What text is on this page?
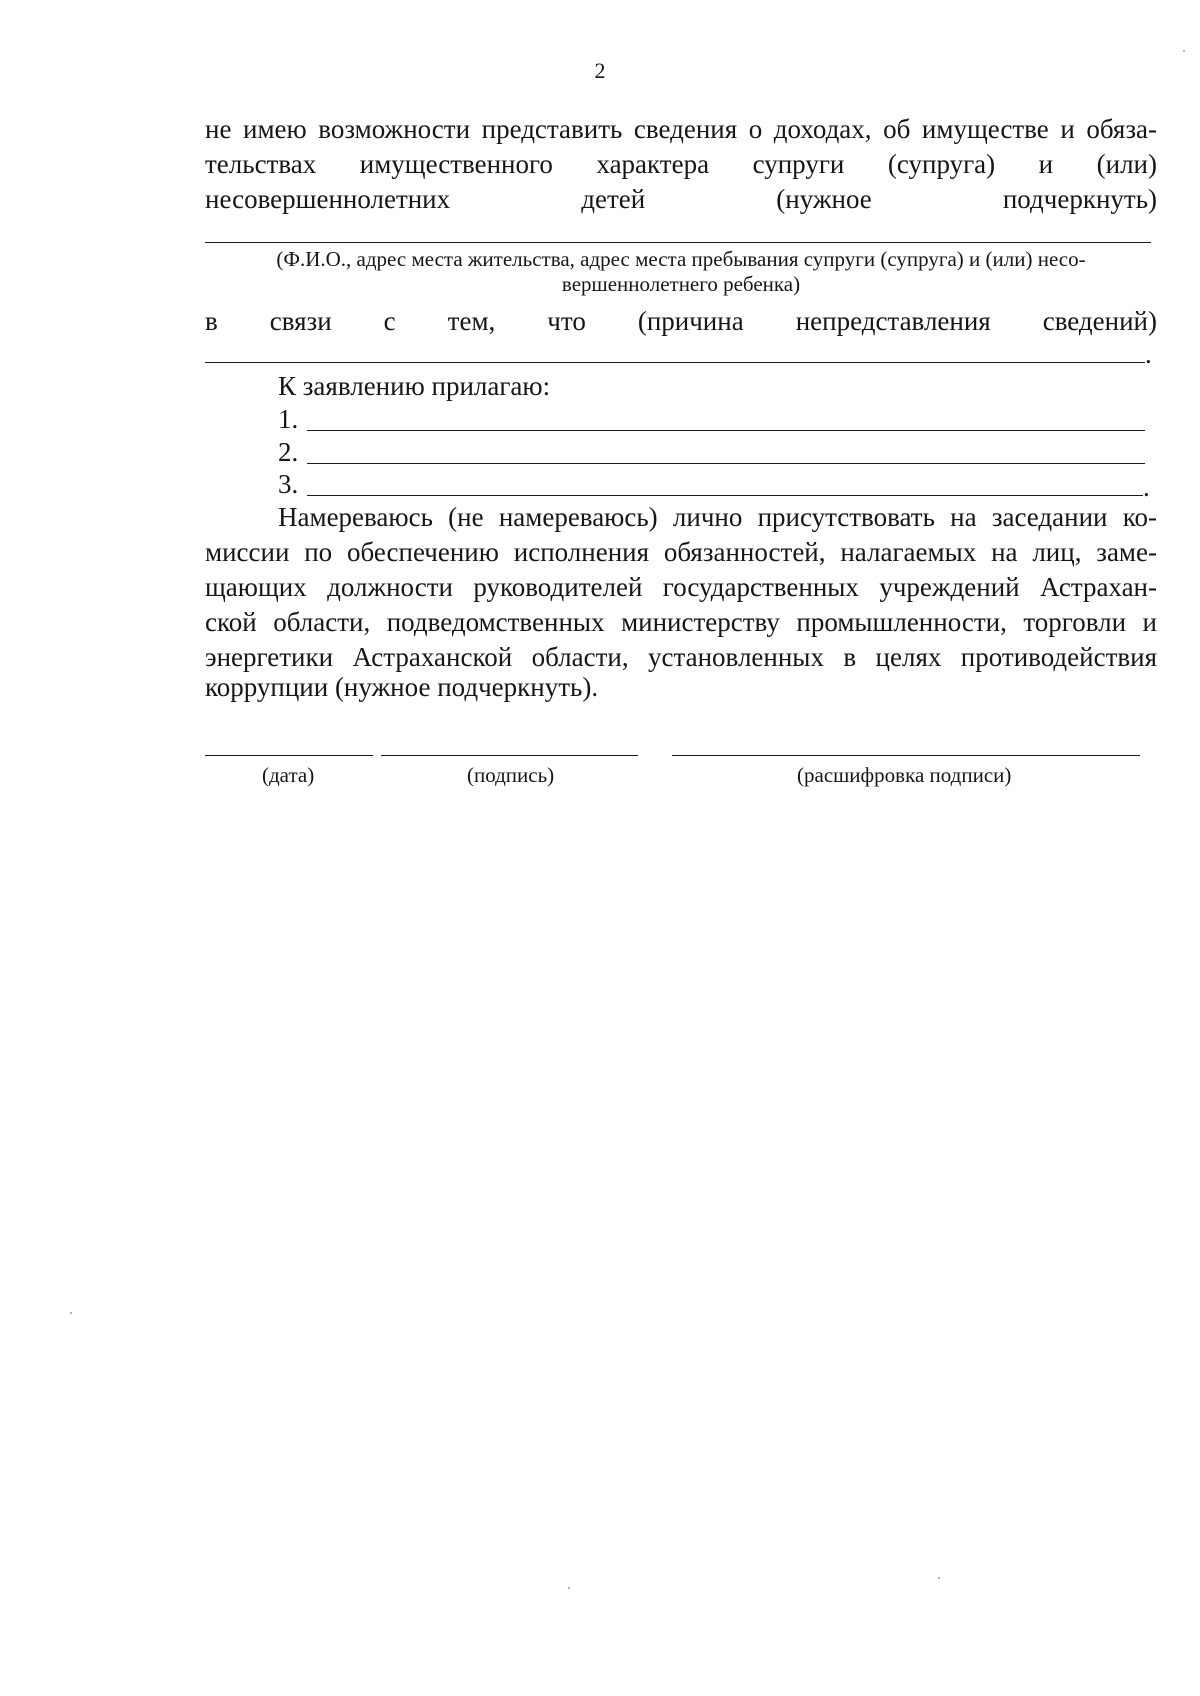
2
не имею возможности представить сведения о доходах, об имуществе и обяза-
тельствах имущественного характера супруги (супруга) и (или)
несовершеннолетних детей (нужное подчеркнуть)
(Ф.И.О., адрес места жительства, адрес места пребывания супруги (супруга) и (или) несо-
вершеннолетнего ребенка)
в связи с тем, что (причина непредставления сведений)
.
К заявлению прилагаю:
1.
2.
3.	.
Намереваюсь (не намереваюсь) лично присутствовать на заседании ко-
миссии по обеспечению исполнения обязанностей, налагаемых на лиц, заме-
щающих должности руководителей государственных учреждений Астрахан-
ской области, подведомственных министерству промышленности, торговли и
энергетики Астраханской области, установленных в целях противодействия
коррупции (нужное подчеркнуть).
(дата)	(подпись)	(расшифровка подписи)
